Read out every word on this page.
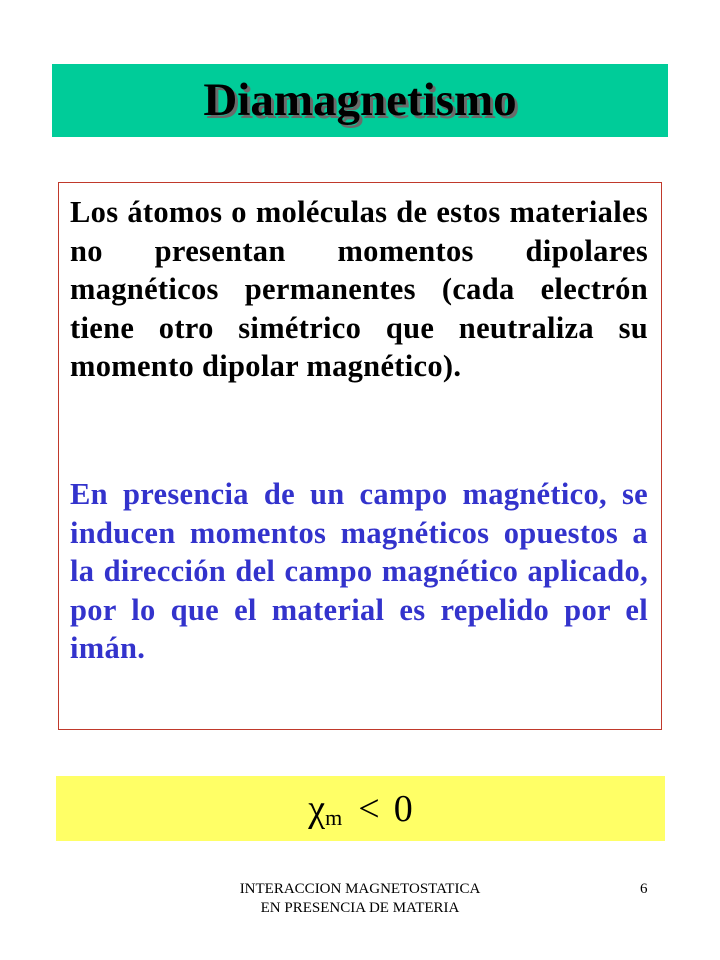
Diamagnetismo

Los átomos o moléculas de estos materiales no presentan momentos dipolares magnéticos permanentes (cada electrón tiene otro simétrico que neutraliza su momento dipolar magnético).

En presencia de un campo magnético, se inducen momentos magnéticos opuestos a la dirección del campo magnético aplicado, por lo que el material es repelido por el imán.

χ m < 0

INTERACCION MAGNETOSTATICA EN PRESENCIA DE MATERIA

6
